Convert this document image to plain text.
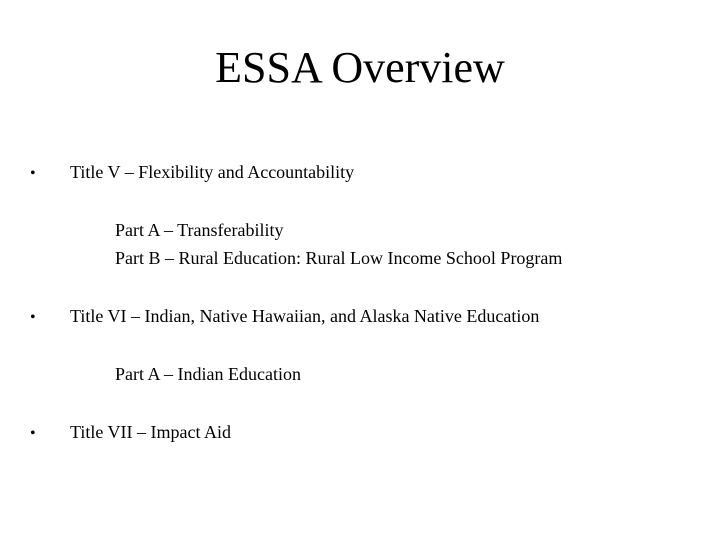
ESSA Overview
• Title V – Flexibility and Accountability
Part A – Transferability
Part B – Rural Education: Rural Low Income School Program
• Title VI – Indian, Native Hawaiian, and Alaska Native Education
Part A – Indian Education
• Title VII – Impact Aid
